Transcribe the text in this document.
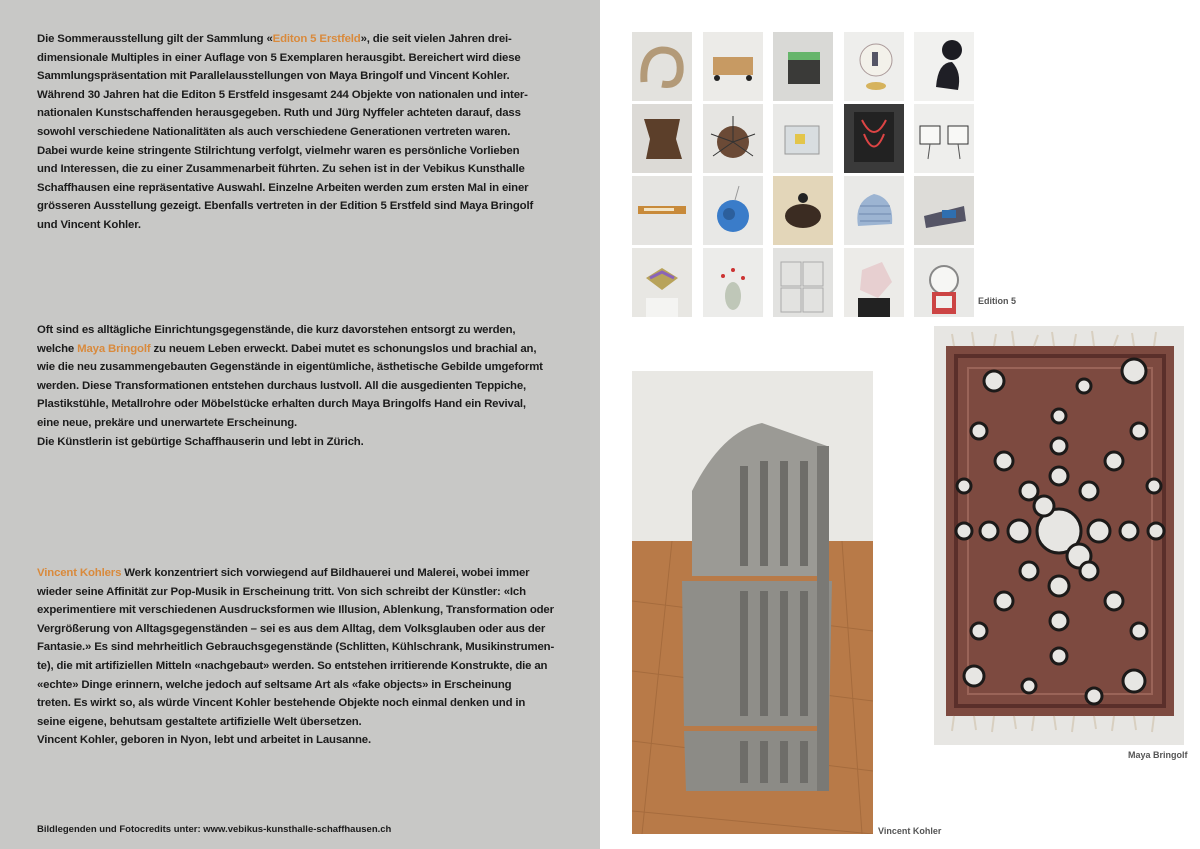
Die Sommerausstellung gilt der Sammlung «Editon 5 Erstfeld», die seit vielen Jahren drei-
dimensionale Multiples in einer Auflage von 5 Exemplaren herausgibt. Bereichert wird diese
Sammlungspräsentation mit Parallelausstellungen von Maya Bringolf und Vincent Kohler.
Während 30 Jahren hat die Editon 5 Erstfeld insgesamt 244 Objekte von nationalen und inter-
nationalen Kunstschaffenden herausgegeben. Ruth und Jürg Nyffeler achteten darauf, dass
sowohl verschiedene Nationalitäten als auch verschiedene Generationen vertreten waren.
Dabei wurde keine stringente Stilrichtung verfolgt, vielmehr waren es persönliche Vorlieben
und Interessen, die zu einer Zusammenarbeit führten. Zu sehen ist in der Vebikus Kunsthalle
Schaffhausen eine repräsentative Auswahl. Einzelne Arbeiten werden zum ersten Mal in einer
grösseren Ausstellung gezeigt. Ebenfalls vertreten in der Edition 5 Erstfeld sind Maya Bringolf
und Vincent Kohler.
Oft sind es alltägliche Einrichtungsgegenstände, die kurz davorstehen entsorgt zu werden,
welche Maya Bringolf zu neuem Leben erweckt. Dabei mutet es schonungslos und brachial an,
wie die neu zusammengebauten Gegenstände in eigentümliche, ästhetische Gebilde umgeformt
werden. Diese Transformationen entstehen durchaus lustvoll. All die ausgedienten Teppiche,
Plastikstühle, Metallrohre oder Möbelstücke erhalten durch Maya Bringolfs Hand ein Revival,
eine neue, prekäre und unerwartete Erscheinung.
Die Künstlerin ist gebürtige Schaffhauserin und lebt in Zürich.
Vincent Kohlers Werk konzentriert sich vorwiegend auf Bildhauerei und Malerei, wobei immer
wieder seine Affinität zur Pop-Musik in Erscheinung tritt. Von sich schreibt der Künstler: «Ich
experimentiere mit verschiedenen Ausdrucksformen wie Illusion, Ablenkung, Transformation oder
Vergrößerung von Alltagsgegenständen – sei es aus dem Alltag, dem Volksglauben oder aus der
Fantasie.» Es sind mehrheitlich Gebrauchsgegenstände (Schlitten, Kühlschrank, Musikinstrumen-
te), die mit artifiziellen Mitteln «nachgebaut» werden. So entstehen irritierende Konstrukte, die an
«echte» Dinge erinnern, welche jedoch auf seltsame Art als «fake objects» in Erscheinung
treten. Es wirkt so, als würde Vincent Kohler bestehende Objekte noch einmal denken und in
seine eigene, behutsam gestaltete artifizielle Welt übersetzen.
Vincent Kohler, geboren in Nyon, lebt und arbeitet in Lausanne.
Bildlegenden und Fotocredits unter: www.vebikus-kunsthalle-schaffhausen.ch
Edition 5
Vincent Kohler
Maya Bringolf
